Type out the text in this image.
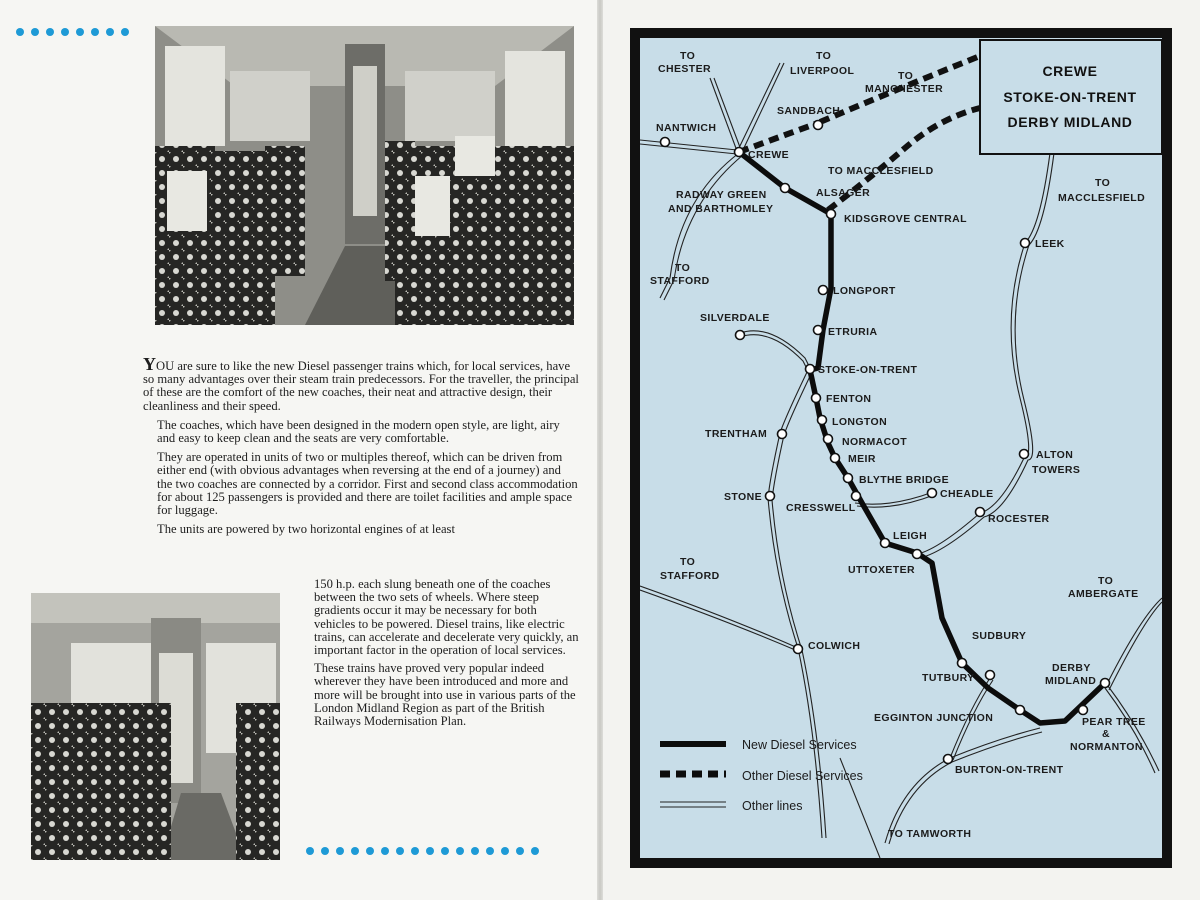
YOU are sure to like the new Diesel passenger trains which, for local services, have so many advantages over their steam train predecessors. For the traveller, the principal of these are the comfort of the new coaches, their neat and attractive design, their cleanliness and their speed.

The coaches, which have been designed in the modern open style, are light, airy and easy to keep clean and the seats are very comfortable.

They are operated in units of two or multiples thereof, which can be driven from either end (with obvious advantages when reversing at the end of a journey) and the two coaches are connected by a corridor. First and second class accommodation for about 125 passengers is provided and there are toilet facilities and ample space for luggage.

The units are powered by two horizontal engines of at least

150 h.p. each slung beneath one of the coaches between the two sets of wheels. Where steep gradients occur it may be necessary for both vehicles to be powered. Diesel trains, like electric trains, can accelerate and decelerate very quickly, an important factor in the operation of local services.

These trains have proved very popular indeed wherever they have been introduced and more and more will be brought into use in various parts of the London Midland Region as part of the British Railways Modernisation Plan.

CREWE
STOKE-ON-TRENT
DERBY MIDLAND
TO
CHESTER
TO
LIVERPOOL	TO
MANCHESTER
TO MACCLESFIELD
TO
MACCLESFIELD
TO
STAFFORD
TO
STAFFORD	TO
AMBERGATE
TO TAMWORTH
NANTWICH
CREWE
SANDBACH
ALSAGER
RADWAY GREEN
AND BARTHOMLEY
KIDSGROVE CENTRAL
LONGPORT
ETRURIA
SILVERDALE
STOKE-ON-TRENT
FENTON
LONGTON
NORMACOT
MEIR
BLYTHE BRIDGE
CHEADLE
TRENTHAM
STONE
CRESSWELL
LEIGH
UTTOXETER
ROCESTER
ALTON
TOWERS
LEEK
COLWICH
SUDBURY
TUTBURY
EGGINTON JUNCTION
BURTON-ON-TRENT
DERBY
MIDLAND
PEAR TREE
&
NORMANTON
New Diesel Services
Other Diesel Services
Other lines
